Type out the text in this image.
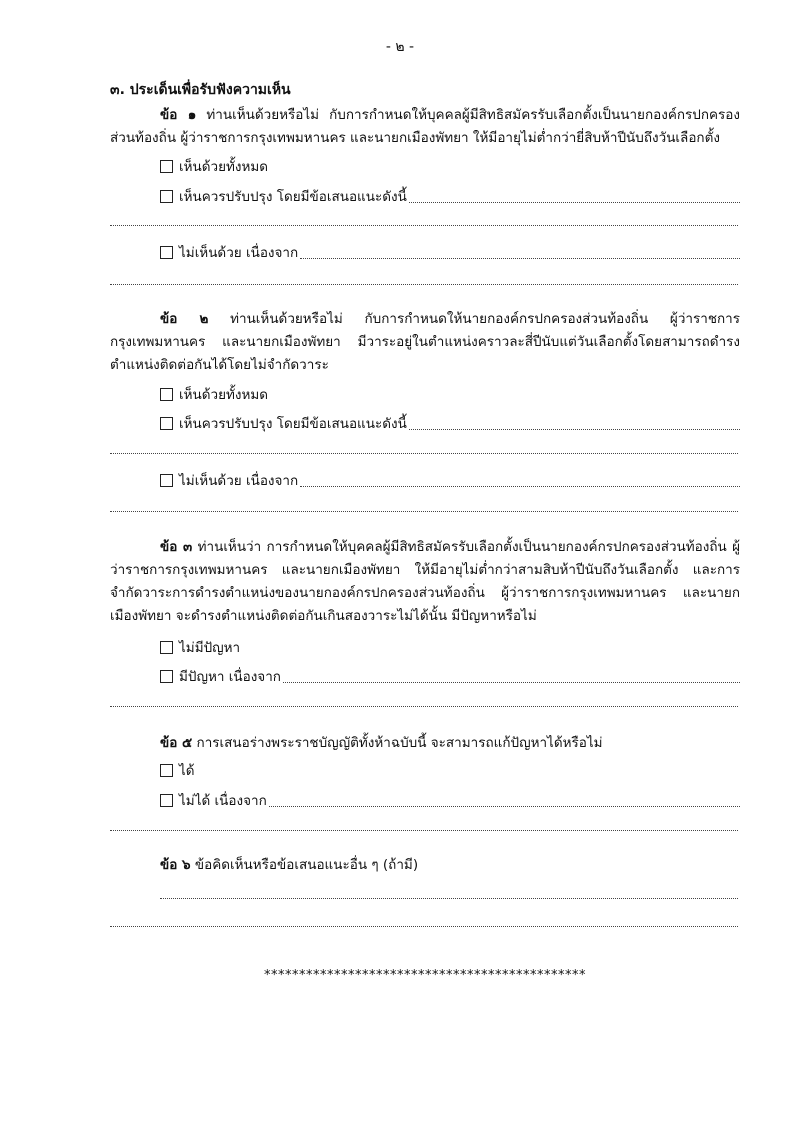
- ๒ -
๓. ประเด็นเพื่อรับฟังความเห็น
ข้อ ๑ ท่านเห็นด้วยหรือไม่ กับการกำหนดให้บุคคลผู้มีสิทธิสมัครรับเลือกตั้งเป็นนายกองค์กรปกครองส่วนท้องถิ่น ผู้ว่าราชการกรุงเทพมหานคร และนายกเมืองพัทยา ให้มีอายุไม่ต่ำกว่ายี่สิบห้าปีนับถึงวันเลือกตั้ง
เห็นด้วยทั้งหมด
เห็นควรปรับปรุง โดยมีข้อเสนอแนะดังนี้
ไม่เห็นด้วย เนื่องจาก
ข้อ ๒ ท่านเห็นด้วยหรือไม่ กับการกำหนดให้นายกองค์กรปกครองส่วนท้องถิ่น ผู้ว่าราชการกรุงเทพมหานคร และนายกเมืองพัทยา มีวาระอยู่ในตำแหน่งคราวละสี่ปีนับแต่วันเลือกตั้งโดยสามารถดำรงตำแหน่งติดต่อกันได้โดยไม่จำกัดวาระ
เห็นด้วยทั้งหมด
เห็นควรปรับปรุง โดยมีข้อเสนอแนะดังนี้
ไม่เห็นด้วย เนื่องจาก
ข้อ ๓ ท่านเห็นว่า การกำหนดให้บุคคลผู้มีสิทธิสมัครรับเลือกตั้งเป็นนายกองค์กรปกครองส่วนท้องถิ่น ผู้ว่าราชการกรุงเทพมหานคร และนายกเมืองพัทยา ให้มีอายุไม่ต่ำกว่าสามสิบห้าปีนับถึงวันเลือกตั้ง และการจำกัดวาระการดำรงตำแหน่งของนายกองค์กรปกครองส่วนท้องถิ่น ผู้ว่าราชการกรุงเทพมหานคร และนายกเมืองพัทยา จะดำรงตำแหน่งติดต่อกันเกินสองวาระไม่ได้นั้น มีปัญหาหรือไม่
ไม่มีปัญหา
มีปัญหา เนื่องจาก
ข้อ ๕ การเสนอร่างพระราชบัญญัติทั้งห้าฉบับนี้ จะสามารถแก้ปัญหาได้หรือไม่
ได้
ไม่ได้ เนื่องจาก
ข้อ ๖ ข้อคิดเห็นหรือข้อเสนอแนะอื่น ๆ (ถ้ามี)
**********************************************
